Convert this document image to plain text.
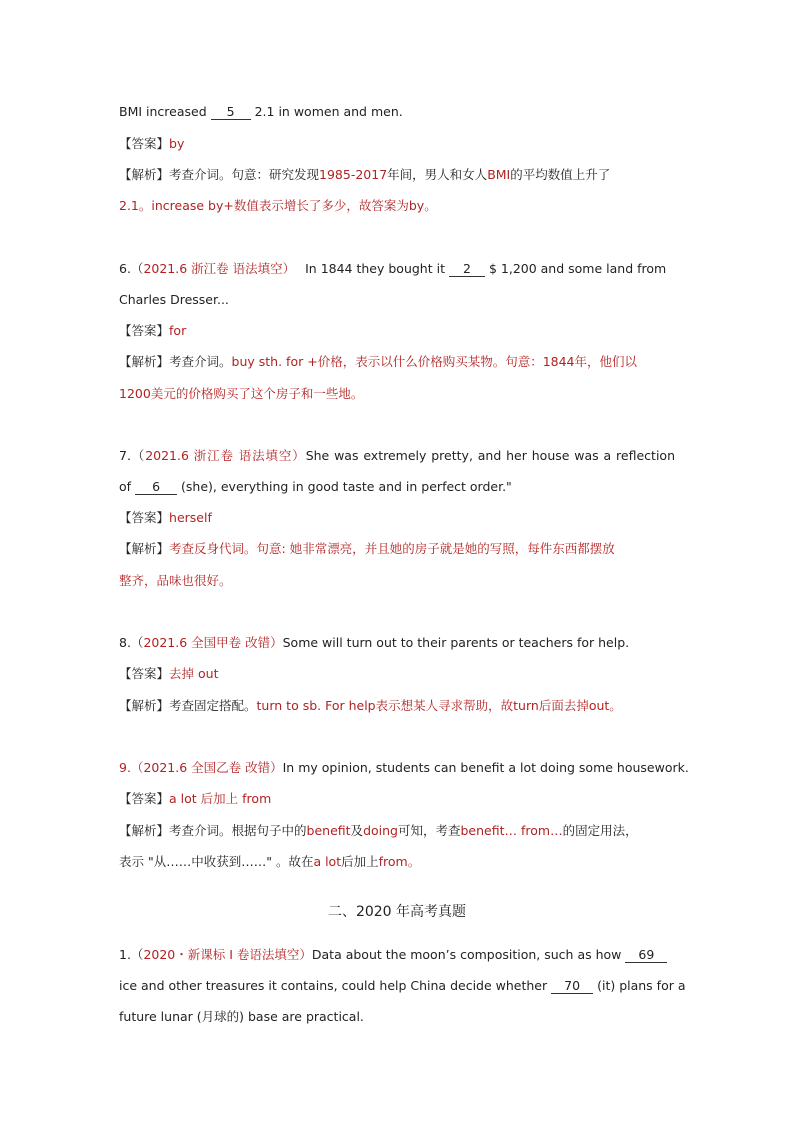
BMI increased 5 2.1 in women and men.
【答案】by
【解析】考查介词。句意：研究发现1985-2017年间，男人和女人BMI的平均数值上升了
2.1。increase by+数值表示增长了多少，故答案为by。
6.（2021.6 浙江卷 语法填空） In 1844 they bought it 2 $ 1,200 and some land from
Charles Dresser...
【答案】for
【解析】考查介词。buy sth. for +价格，表示以什么价格购买某物。句意：1844年，他们以
1200美元的价格购买了这个房子和一些地。
7.（2021.6 浙江卷 语法填空）She was extremely pretty, and her house was a reflection
of 6 (she), everything in good taste and in perfect order."
【答案】herself
【解析】考查反身代词。句意: 她非常漂亮，并且她的房子就是她的写照，每件东西都摆放
整齐，品味也很好。
8.（2021.6 全国甲卷 改错）Some will turn out to their parents or teachers for help.
【答案】去掉 out
【解析】考查固定搭配。turn to sb. For help表示想某人寻求帮助，故turn后面去掉out。
9.（2021.6 全国乙卷 改错）In my opinion, students can benefit a lot doing some housework.
【答案】a lot 后加上 from
【解析】考查介词。根据句子中的benefit及doing可知，考查benefit… from…的固定用法，
表示 "从……中收获到……" 。故在a lot后加上from。
二、2020 年高考真题
1.（2020・新课标 I 卷语法填空）Data about the moon’s composition, such as how 69
ice and other treasures it contains, could help China decide whether 70 (it) plans for a
future lunar (月球的) base are practical.
